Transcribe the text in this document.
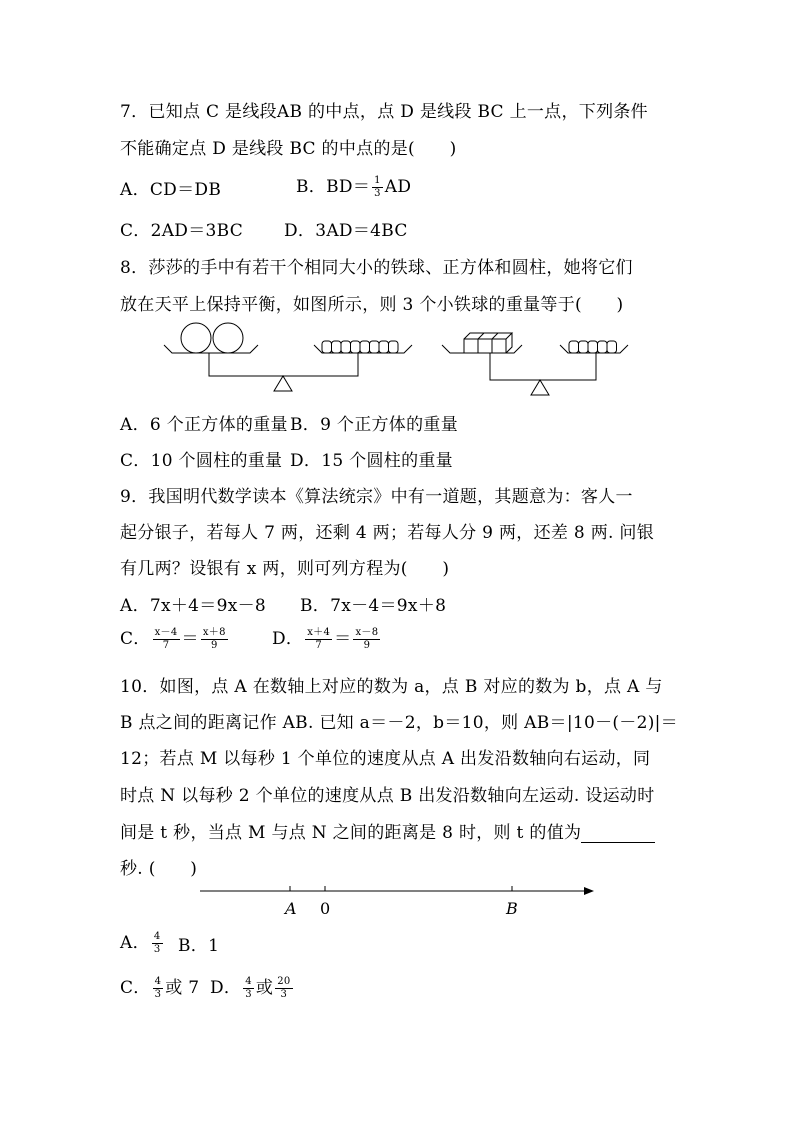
7．已知点 C 是线段AB 的中点，点 D 是线段 BC 上一点，下列条件
不能确定点 D 是线段 BC 的中点的是(　　)
A．CD＝DB	B．$BD= \frac{1}{3}$ AD
C．2AD＝3BC D．3AD＝4BC
8．莎莎的手中有若干个相同大小的铁球、正方体和圆柱，她将它们
放在天平上保持平衡，如图所示，则 3 个小铁球的重量等于(　　)
A．6 个正方体的重量 B．9 个正方体的重量
C．10 个圆柱的重量 D．15 个圆柱的重量
9．我国明代数学读本《算法统宗》中有一道题，其题意为：客人一
起分银子，若每人 7 两，还剩 4 两；若每人分 9 两，还差 8 两. 问银
有几两？设银有 x 两，则可列方程为(　　)
A．7x＋4＝9x－8 B．7x－4＝9x＋8
C． $\frac{x-4}{7} = \frac{x+8}{9}$	D． $\frac{x+4}{7} = \frac{x-8}{9}$
10．如图，点 A 在数轴上对应的数为 a，点 B 对应的数为 b，点 A 与
B 点之间的距离记作 AB. 已知 a＝－2，b＝10，则 AB＝|10－(－2)|＝
12；若点 M 以每秒 1 个单位的速度从点 A 出发沿数轴向右运动，同
时点 N 以每秒 2 个单位的速度从点 B 出发沿数轴向左运动. 设运动时
间是 t 秒，当点 M 与点 N 之间的距离是 8 时，则 t 的值为
秒. (　　)
A 0	B
A． $\frac{4}{3}$ B．1
C． $\frac{4}{3}$ 或 7 D． $\frac{4}{3}$ 或 $\frac{20}{3}$
